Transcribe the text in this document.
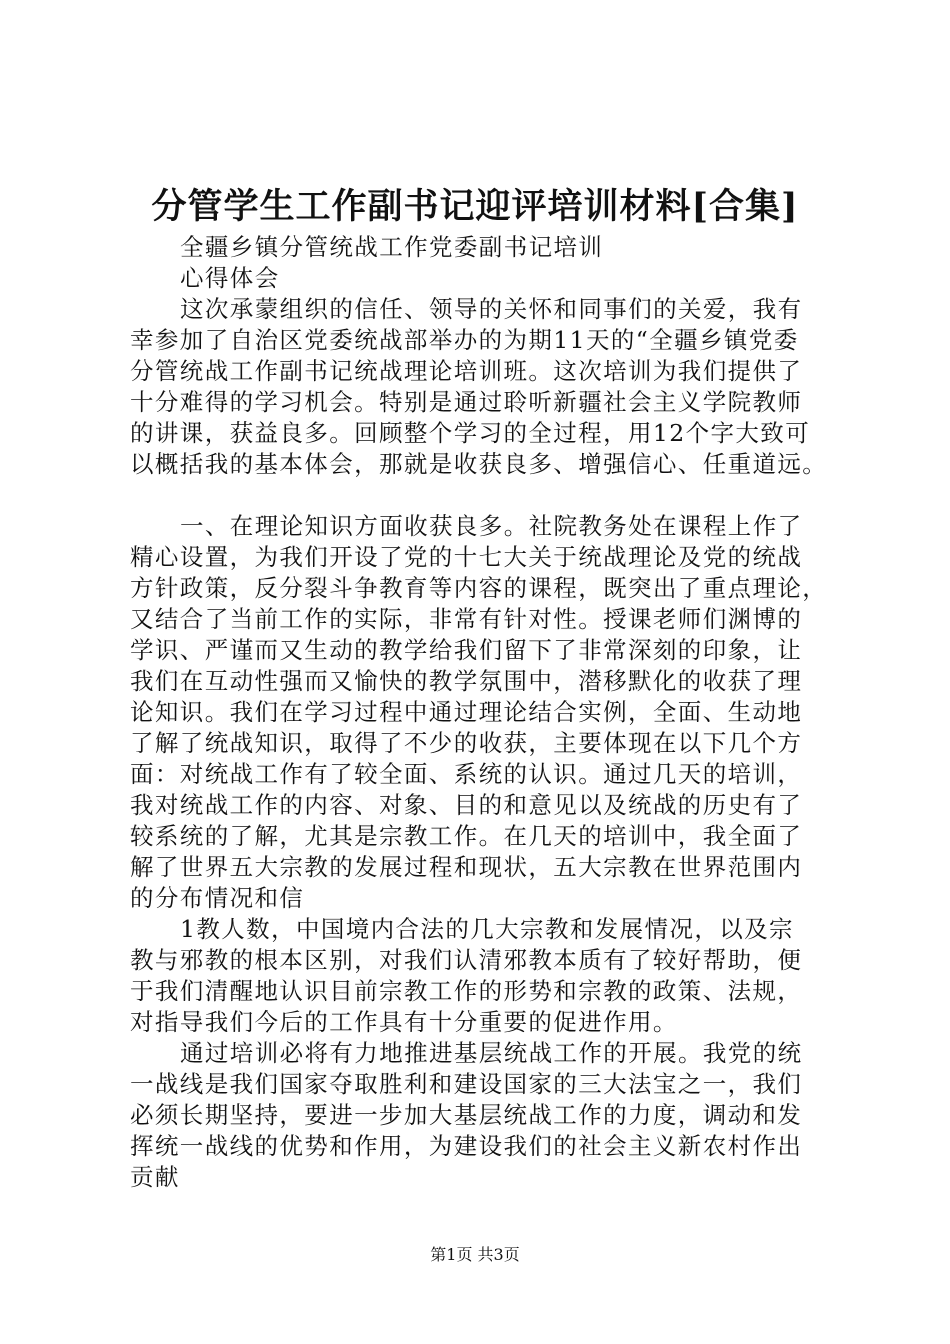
分管学生工作副书记迎评培训材料[合集]
全疆乡镇分管统战工作党委副书记培训
心得体会
这次承蒙组织的信任、领导的关怀和同事们的关爱，我有
幸参加了自治区党委统战部举办的为期11天的“全疆乡镇党委
分管统战工作副书记统战理论培训班。这次培训为我们提供了
十分难得的学习机会。特别是通过聆听新疆社会主义学院教师
的讲课，获益良多。回顾整个学习的全过程，用12个字大致可
以概括我的基本体会，那就是收获良多、增强信心、任重道远。
一、在理论知识方面收获良多。社院教务处在课程上作了
精心设置，为我们开设了党的十七大关于统战理论及党的统战
方针政策，反分裂斗争教育等内容的课程，既突出了重点理论，
又结合了当前工作的实际，非常有针对性。授课老师们渊博的
学识、严谨而又生动的教学给我们留下了非常深刻的印象，让
我们在互动性强而又愉快的教学氛围中，潜移默化的收获了理
论知识。我们在学习过程中通过理论结合实例，全面、生动地
了解了统战知识，取得了不少的收获，主要体现在以下几个方
面：对统战工作有了较全面、系统的认识。通过几天的培训，
我对统战工作的内容、对象、目的和意见以及统战的历史有了
较系统的了解，尤其是宗教工作。在几天的培训中，我全面了
解了世界五大宗教的发展过程和现状，五大宗教在世界范围内
的分布情况和信
1教人数，中国境内合法的几大宗教和发展情况，以及宗
教与邪教的根本区别，对我们认清邪教本质有了较好帮助，便
于我们清醒地认识目前宗教工作的形势和宗教的政策、法规，
对指导我们今后的工作具有十分重要的促进作用。
通过培训必将有力地推进基层统战工作的开展。我党的统
一战线是我们国家夺取胜利和建设国家的三大法宝之一，我们
必须长期坚持，要进一步加大基层统战工作的力度，调动和发
挥统一战线的优势和作用，为建设我们的社会主义新农村作出
贡献
第1页 共3页
